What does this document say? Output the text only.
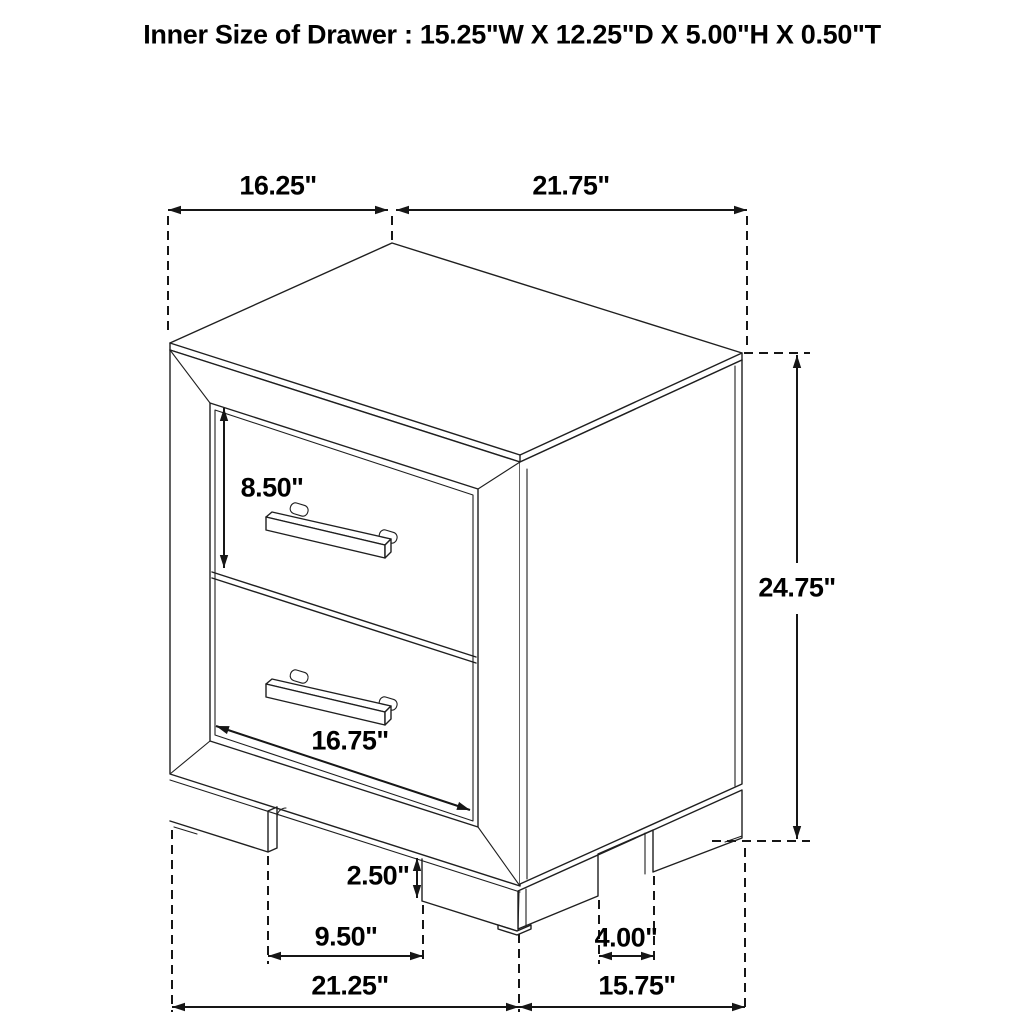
Inner Size of Drawer : 15.25"W X 12.25"D X 5.00"H X 0.50"T
16.25"	21.75"
8.50"
24.75"
16.75"
2.50"
9.50"	4.00"
21.25"	15.75"
